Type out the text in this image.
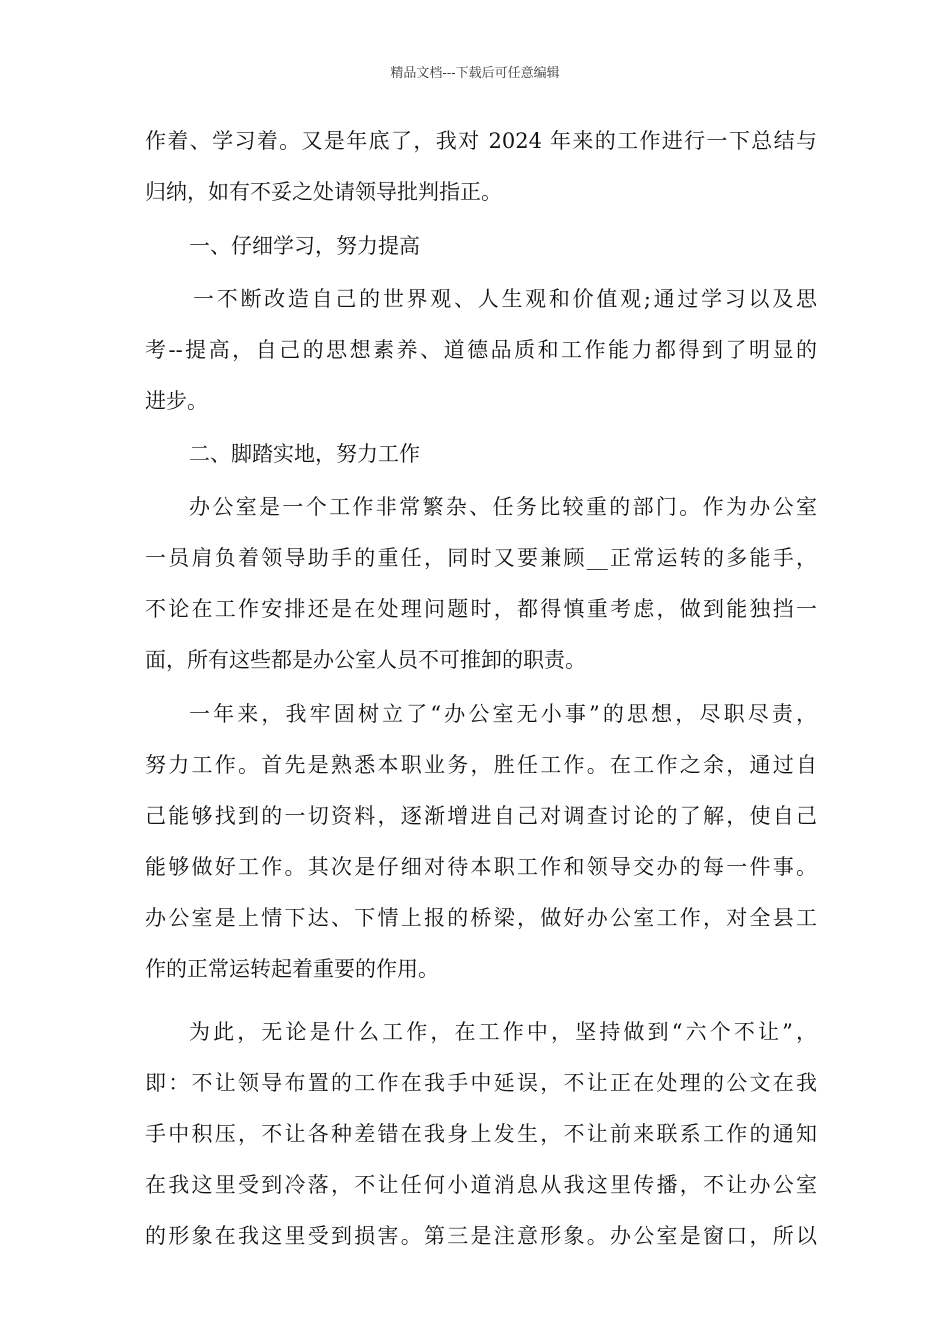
精品文档---下载后可任意编辑
作着、学习着。又是年底了，我对 2024 年来的工作进行一下总结与
归纳，如有不妥之处请领导批判指正。
一、仔细学习，努力提高
一不断改造自己的世界观、人生观和价值观;通过学习以及思
考--提高，自己的思想素养、道德品质和工作能力都得到了明显的
进步。
二、脚踏实地，努力工作
办公室是一个工作非常繁杂、任务比较重的部门。作为办公室
一员肩负着领导助手的重任，同时又要兼顾__正常运转的多能手，
不论在工作安排还是在处理问题时，都得慎重考虑，做到能独挡一
面，所有这些都是办公室人员不可推卸的职责。
一年来，我牢固树立了“办公室无小事”的思想，尽职尽责，
努力工作。首先是熟悉本职业务，胜任工作。在工作之余，通过自
己能够找到的一切资料，逐渐增进自己对调查讨论的了解，使自己
能够做好工作。其次是仔细对待本职工作和领导交办的每一件事。
办公室是上情下达、下情上报的桥梁，做好办公室工作，对全县工
作的正常运转起着重要的作用。
为此，无论是什么工作，在工作中，坚持做到“六个不让”，
即：不让领导布置的工作在我手中延误，不让正在处理的公文在我
手中积压，不让各种差错在我身上发生，不让前来联系工作的通知
在我这里受到冷落，不让任何小道消息从我这里传播，不让办公室
的形象在我这里受到损害。第三是注意形象。办公室是窗口，所以
